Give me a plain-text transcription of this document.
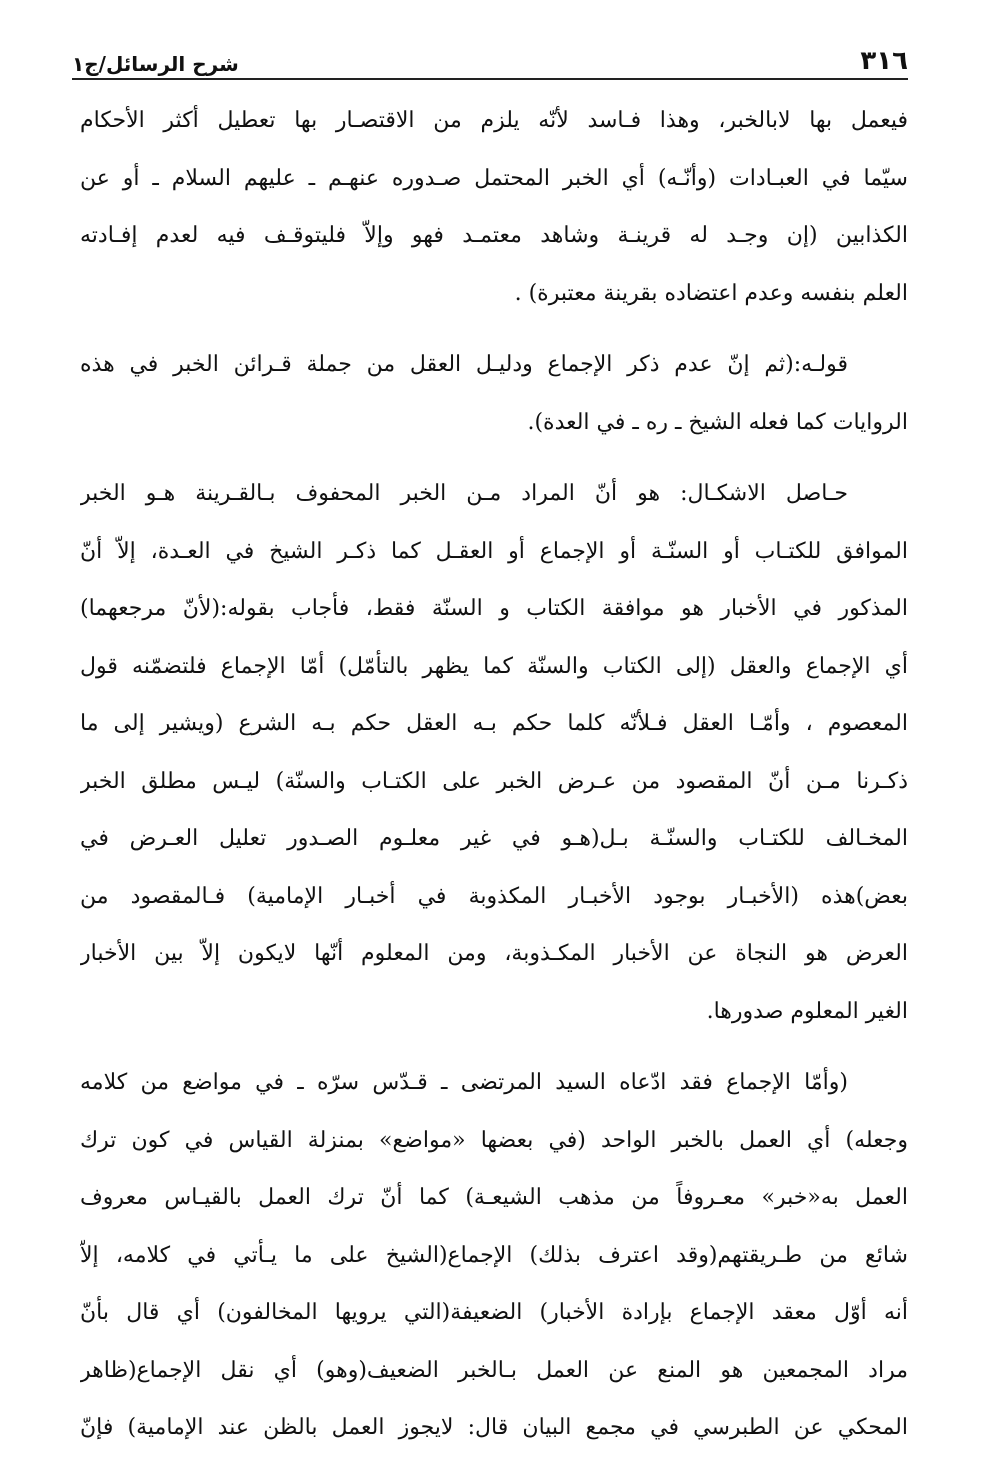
٣١٦
شرح الرسائل/ج١
فيعمل بها لابالخبر، وهذا فـاسد لأنّه يلزم من الاقتصـار بها تعطيل أكثر الأحكام
سيّما في العبـادات (وأنّـه) أي الخبر المحتمل صـدوره عنهـم ـ عليهم السلام ـ أو عن
الكذابين (إن وجـد له قرينـة وشاهد معتمـد فهو وإلاّ فليتوقـف فيه لعدم إفـادته
العلم بنفسه وعدم اعتضاده بقرينة معتبرة) .
قولـه:(ثم إنّ عدم ذكر الإجماع ودليـل العقل من جملة قـرائن الخبر في هذه
الروايات كما فعله الشيخ ـ ره ـ في العدة).
حـاصل الاشكـال: هو أنّ المراد مـن الخبر المحفوف بـالقـرينة هـو الخبر
الموافق للكتـاب أو السنّـة أو الإجماع أو العقـل كما ذكـر الشيخ في العـدة، إلاّ أنّ
المذكور في الأخبار هو موافقة الكتاب و السنّة فقط، فأجاب بقوله:(لأنّ مرجعهما)
أي الإجماع والعقل (إلى الكتاب والسنّة كما يظهر بالتأمّل) أمّا الإجماع فلتضمّنه قول
المعصوم ، وأمّـا العقل فـلأنّه كلما حكم بـه العقل حكم بـه الشرع (ويشير إلى ما
ذكـرنا مـن أنّ المقصود من عـرض الخبر على الكتـاب والسنّة) ليـس مطلق الخبر
المخـالف للكتـاب والسنّـة بـل(هـو في غير معلـوم الصـدور تعليل العـرض في
بعض)هذه (الأخبـار بوجود الأخبـار المكذوبة في أخبـار الإمامية) فـالمقصود من
العرض هو النجاة عن الأخبار المكـذوبة، ومن المعلوم أنّها لايكون إلاّ بين الأخبار
الغير المعلوم صدورها.
(وأمّا الإجماع فقد ادّعاه السيد المرتضى ـ قـدّس سرّه ـ في مواضع من كلامه
وجعله) أي العمل بالخبر الواحد (في بعضها «مواضع» بمنزلة القياس في كون ترك
العمل به«خبر» معـروفاً من مذهب الشيعـة) كما أنّ ترك العمل بالقيـاس معروف
شائع من طـريقتهم(وقد اعترف بذلك) الإجماع(الشيخ على ما يـأتي في كلامه، إلاّ
أنه أوّل معقد الإجماع بإرادة الأخبار) الضعيفة(التي يرويها المخالفون) أي قال بأنّ
مراد المجمعين هو المنع عن العمل بـالخبر الضعيف(وهو) أي نقل الإجماع(ظاهر
المحكي عن الطبرسي في مجمع البيان قال: لايجوز العمل بالظن عند الإمامية) فإنّ
